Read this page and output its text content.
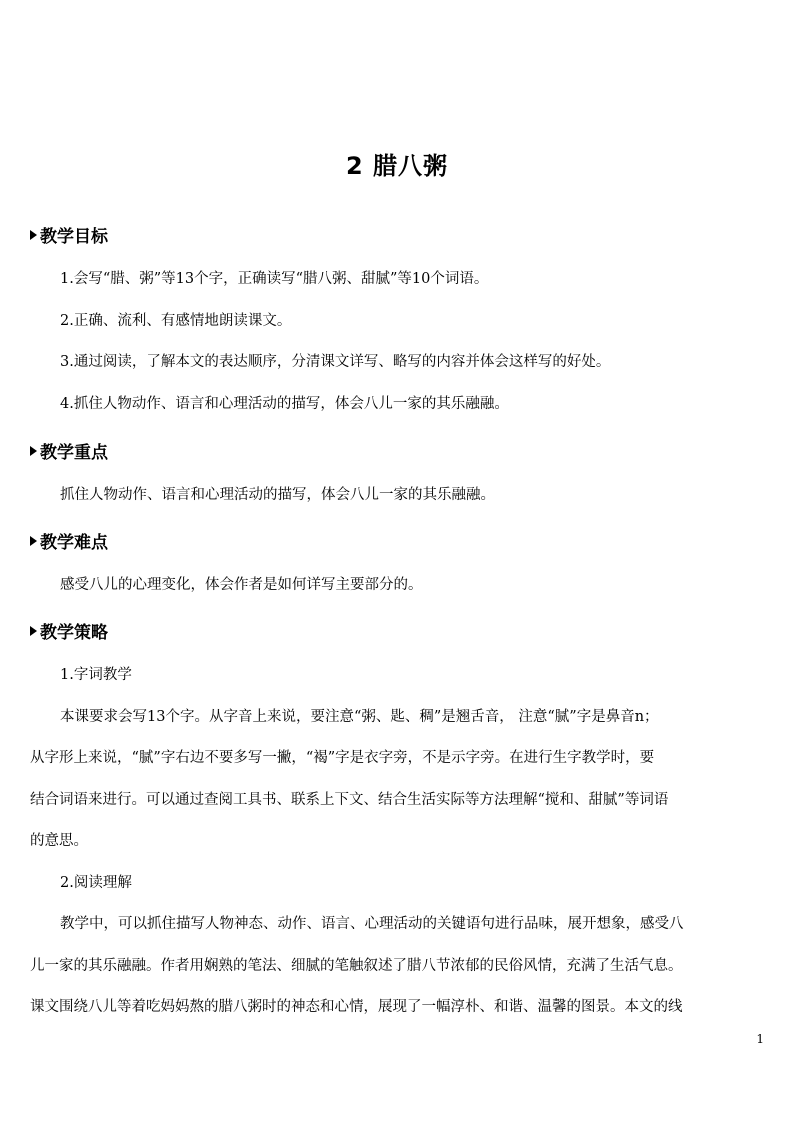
2 腊八粥
教学目标
1.会写“腊、粥”等13个字，正确读写“腊八粥、甜腻”等10个词语。
2.正确、流利、有感情地朗读课文。
3.通过阅读，了解本文的表达顺序，分清课文详写、略写的内容并体会这样写的好处。
4.抓住人物动作、语言和心理活动的描写，体会八儿一家的其乐融融。
教学重点
抓住人物动作、语言和心理活动的描写，体会八儿一家的其乐融融。
教学难点
感受八儿的心理变化，体会作者是如何详写主要部分的。
教学策略
1.字词教学
本课要求会写13个字。从字音上来说，要注意“粥、匙、稠”是翘舌音， 注意“腻”字是鼻音n；
从字形上来说，“腻”字右边不要多写一撇，“褐”字是衣字旁，不是示字旁。在进行生字教学时，要
结合词语来进行。可以通过查阅工具书、联系上下文、结合生活实际等方法理解“搅和、甜腻”等词语
的意思。
2.阅读理解
教学中，可以抓住描写人物神态、动作、语言、心理活动的关键语句进行品味，展开想象，感受八
儿一家的其乐融融。作者用娴熟的笔法、细腻的笔触叙述了腊八节浓郁的民俗风情，充满了生活气息。
课文围绕八儿等着吃妈妈熬的腊八粥时的神态和心情，展现了一幅淳朴、和谐、温馨的图景。本文的线
1
